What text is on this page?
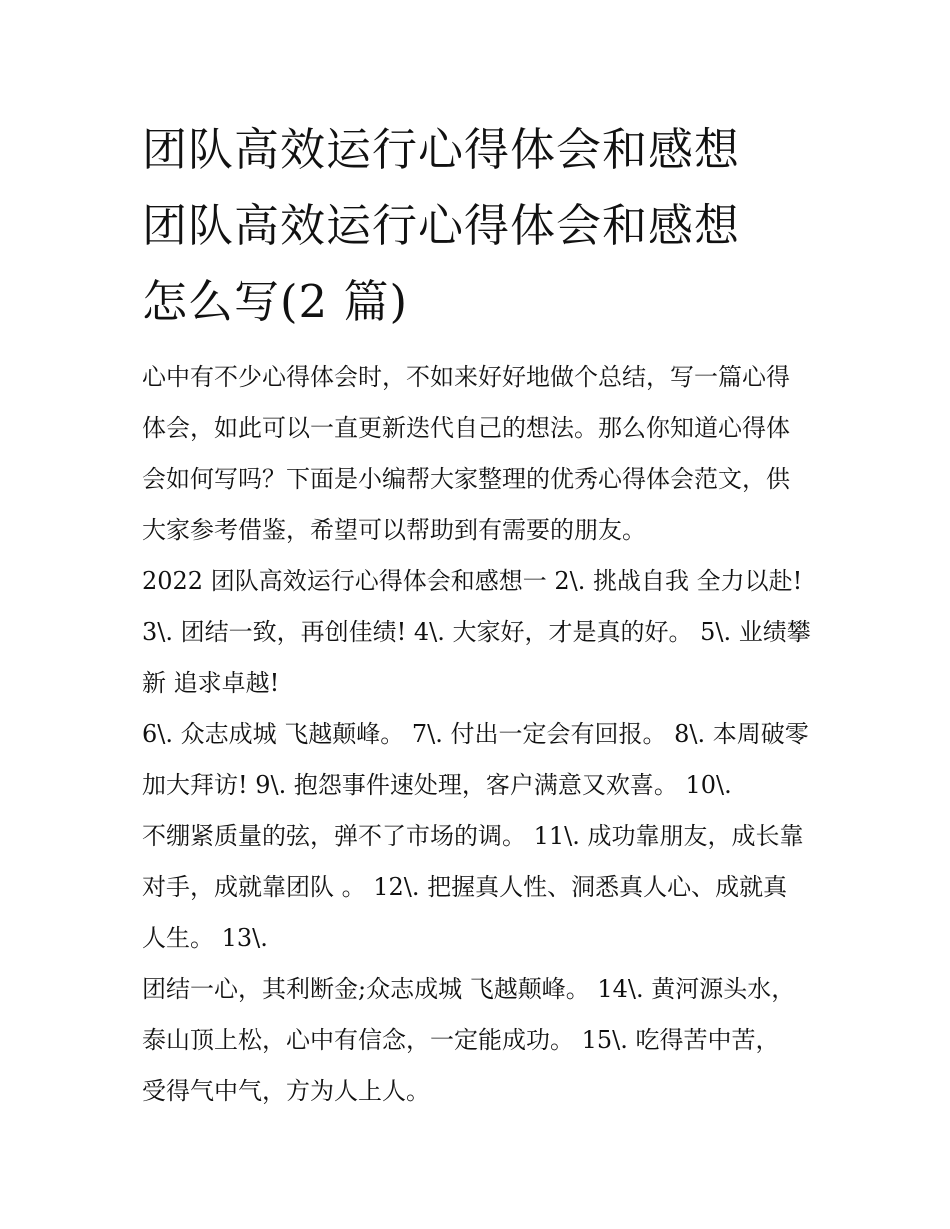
团队高效运行心得体会和感想
团队高效运行心得体会和感想
怎么写(2 篇)

心中有不少心得体会时，不如来好好地做个总结，写一篇心得
体会，如此可以一直更新迭代自己的想法。那么你知道心得体
会如何写吗？下面是小编帮大家整理的优秀心得体会范文，供
大家参考借鉴，希望可以帮助到有需要的朋友。

2022 团队高效运行心得体会和感想一 2\. 挑战自我 全力以赴!
3\. 团结一致，再创佳绩! 4\. 大家好，才是真的好。 5\. 业绩攀
新 追求卓越!

6\. 众志成城 飞越颠峰。 7\. 付出一定会有回报。 8\. 本周破零
加大拜访! 9\. 抱怨事件速处理，客户满意又欢喜。 10\.

不绷紧质量的弦，弹不了市场的调。 11\. 成功靠朋友，成长靠
对手，成就靠团队 。 12\. 把握真人性、洞悉真人心、成就真
人生。 13\.

团结一心，其利断金;众志成城 飞越颠峰。 14\. 黄河源头水，
泰山顶上松，心中有信念，一定能成功。 15\. 吃得苦中苦，
受得气中气，方为人上人。
